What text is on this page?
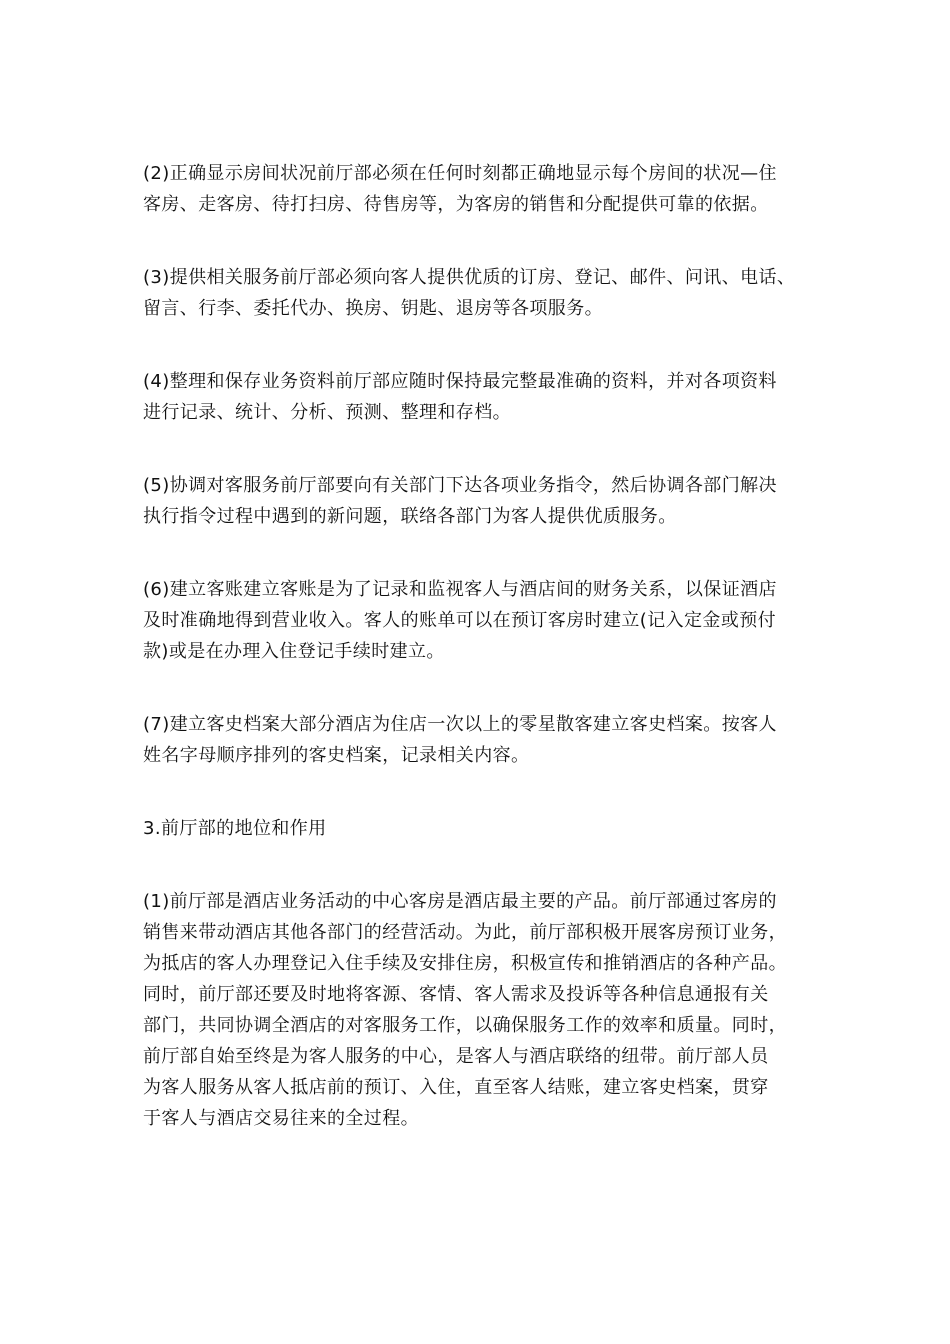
(2)正确显示房间状况前厅部必须在任何时刻都正确地显示每个房间的状况—住
客房、走客房、待打扫房、待售房等，为客房的销售和分配提供可靠的依据。

(3)提供相关服务前厅部必须向客人提供优质的订房、登记、邮件、问讯、电话、
留言、行李、委托代办、换房、钥匙、退房等各项服务。

(4)整理和保存业务资料前厅部应随时保持最完整最准确的资料，并对各项资料
进行记录、统计、分析、预测、整理和存档。

(5)协调对客服务前厅部要向有关部门下达各项业务指令，然后协调各部门解决
执行指令过程中遇到的新问题，联络各部门为客人提供优质服务。

(6)建立客账建立客账是为了记录和监视客人与酒店间的财务关系，以保证酒店
及时准确地得到营业收入。客人的账单可以在预订客房时建立(记入定金或预付
款)或是在办理入住登记手续时建立。

(7)建立客史档案大部分酒店为住店一次以上的零星散客建立客史档案。按客人
姓名字母顺序排列的客史档案，记录相关内容。

3.前厅部的地位和作用

(1)前厅部是酒店业务活动的中心客房是酒店最主要的产品。前厅部通过客房的
销售来带动酒店其他各部门的经营活动。为此，前厅部积极开展客房预订业务，
为抵店的客人办理登记入住手续及安排住房，积极宣传和推销酒店的各种产品。
同时，前厅部还要及时地将客源、客情、客人需求及投诉等各种信息通报有关
部门，共同协调全酒店的对客服务工作，以确保服务工作的效率和质量。同时，
前厅部自始至终是为客人服务的中心，是客人与酒店联络的纽带。前厅部人员
为客人服务从客人抵店前的预订、入住，直至客人结账，建立客史档案，贯穿
于客人与酒店交易往来的全过程。
